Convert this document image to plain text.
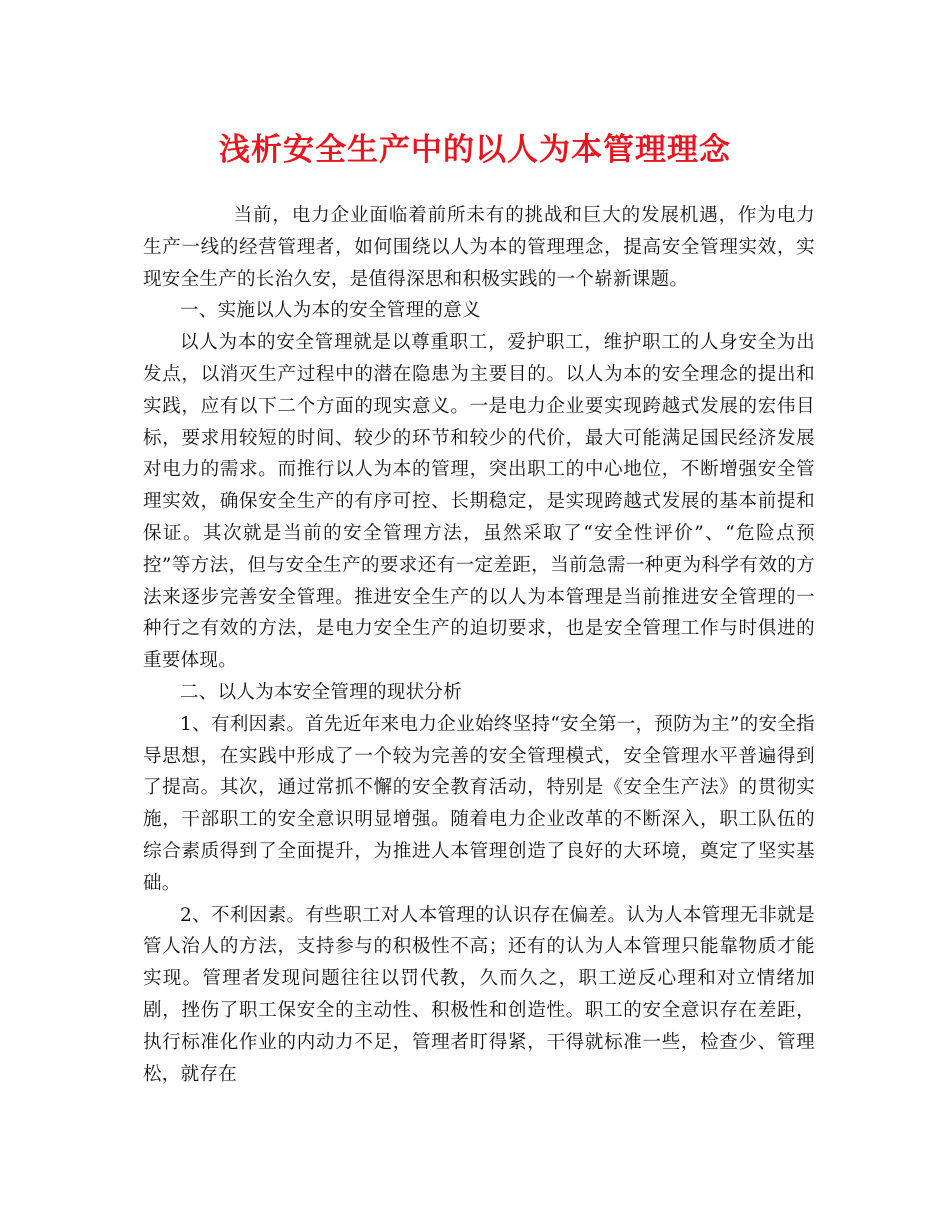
浅析安全生产中的以人为本管理理念

当前，电力企业面临着前所未有的挑战和巨大的发展机遇，作为电力生产一线的经营管理者，如何围绕以人为本的管理理念，提高安全管理实效，实现安全生产的长治久安，是值得深思和积极实践的一个崭新课题。

一、实施以人为本的安全管理的意义

以人为本的安全管理就是以尊重职工，爱护职工，维护职工的人身安全为出发点，以消灭生产过程中的潜在隐患为主要目的。以人为本的安全理念的提出和实践，应有以下二个方面的现实意义。一是电力企业要实现跨越式发展的宏伟目标，要求用较短的时间、较少的环节和较少的代价，最大可能满足国民经济发展对电力的需求。而推行以人为本的管理，突出职工的中心地位，不断增强安全管理实效，确保安全生产的有序可控、长期稳定，是实现跨越式发展的基本前提和保证。其次就是当前的安全管理方法，虽然采取了“安全性评价”、“危险点预控”等方法，但与安全生产的要求还有一定差距，当前急需一种更为科学有效的方法来逐步完善安全管理。推进安全生产的以人为本管理是当前推进安全管理的一种行之有效的方法，是电力安全生产的迫切要求，也是安全管理工作与时俱进的重要体现。

二、以人为本安全管理的现状分析

1、有利因素。首先近年来电力企业始终坚持“安全第一，预防为主”的安全指导思想，在实践中形成了一个较为完善的安全管理模式，安全管理水平普遍得到了提高。其次，通过常抓不懈的安全教育活动，特别是《安全生产法》的贯彻实施，干部职工的安全意识明显增强。随着电力企业改革的不断深入，职工队伍的综合素质得到了全面提升，为推进人本管理创造了良好的大环境，奠定了坚实基础。

2、不利因素。有些职工对人本管理的认识存在偏差。认为人本管理无非就是管人治人的方法，支持参与的积极性不高；还有的认为人本管理只能靠物质才能实现。管理者发现问题往往以罚代教，久而久之，职工逆反心理和对立情绪加剧，挫伤了职工保安全的主动性、积极性和创造性。职工的安全意识存在差距，执行标准化作业的内动力不足，管理者盯得紧，干得就标准一些，检查少、管理松，就存在
